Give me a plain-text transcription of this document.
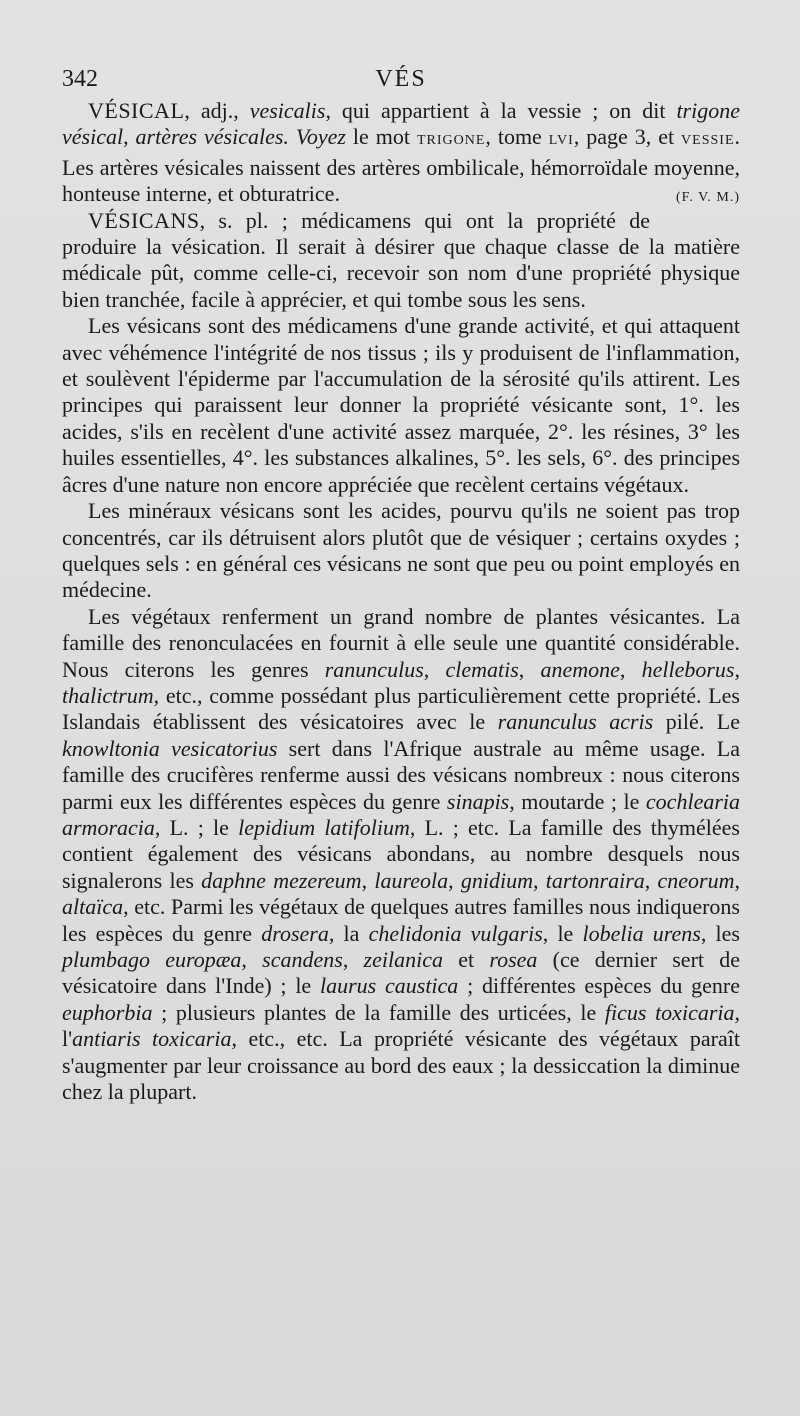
342	VÉS

VÉSICAL, adj., vesicalis, qui appartient à la vessie ; on dit trigone vésical, artères vésicales. Voyez le mot TRIGONE, tome LVI, page 3, et VESSIE. Les artères vésicales naissent des artères ombilicale, hémorroïdale moyenne, honteuse interne, et obturatrice.	(F. V. M.)

VÉSICANS, s. pl. ; médicamens qui ont la propriété de produire la vésication. Il serait à désirer que chaque classe de la matière médicale pût, comme celle-ci, recevoir son nom d'une propriété physique bien tranchée, facile à apprécier, et qui tombe sous les sens.

Les vésicans sont des médicamens d'une grande activité, et qui attaquent avec véhémence l'intégrité de nos tissus ; ils y produisent de l'inflammation, et soulèvent l'épiderme par l'accumulation de la sérosité qu'ils attirent. Les principes qui paraissent leur donner la propriété vésicante sont, 1°. les acides, s'ils en recèlent d'une activité assez marquée, 2°. les résines, 3° les huiles essentielles, 4°. les substances alkalines, 5°. les sels, 6°. des principes âcres d'une nature non encore appréciée que recèlent certains végétaux.

Les minéraux vésicans sont les acides, pourvu qu'ils ne soient pas trop concentrés, car ils détruisent alors plutôt que de vésiquer ; certains oxydes ; quelques sels : en général ces vésicans ne sont que peu ou point employés en médecine.

Les végétaux renferment un grand nombre de plantes vésicantes. La famille des renonculacées en fournit à elle seule une quantité considérable. Nous citerons les genres ranunculus, clematis, anemone, helleborus, thalictrum, etc., comme possédant plus particulièrement cette propriété. Les Islandais établissent des vésicatoires avec le ranunculus acris pilé. Le knowltonia vesicatorius sert dans l'Afrique australe au même usage. La famille des crucifères renferme aussi des vésicans nombreux : nous citerons parmi eux les différentes espèces du genre sinapis, moutarde ; le cochlearia armoracia, L. ; le lepidium latifolium, L. ; etc. La famille des thymélées contient également des vésicans abondans, au nombre desquels nous signalerons les daphne mezereum, laureola, gnidium, tartonraira, cneorum, altaïca, etc. Parmi les végétaux de quelques autres familles nous indiquerons les espèces du genre drosera, la chelidonia vulgaris, le lobelia urens, les plumbago europæa, scandens, zeilanica et rosea (ce dernier sert de vésicatoire dans l'Inde) ; le laurus caustica ; différentes espèces du genre euphorbia ; plusieurs plantes de la famille des urticées, le ficus toxicaria, l'antiaris toxicaria, etc., etc. La propriété vésicante des végétaux paraît s'augmenter par leur croissance au bord des eaux ; la dessiccation la diminue chez la plupart.
